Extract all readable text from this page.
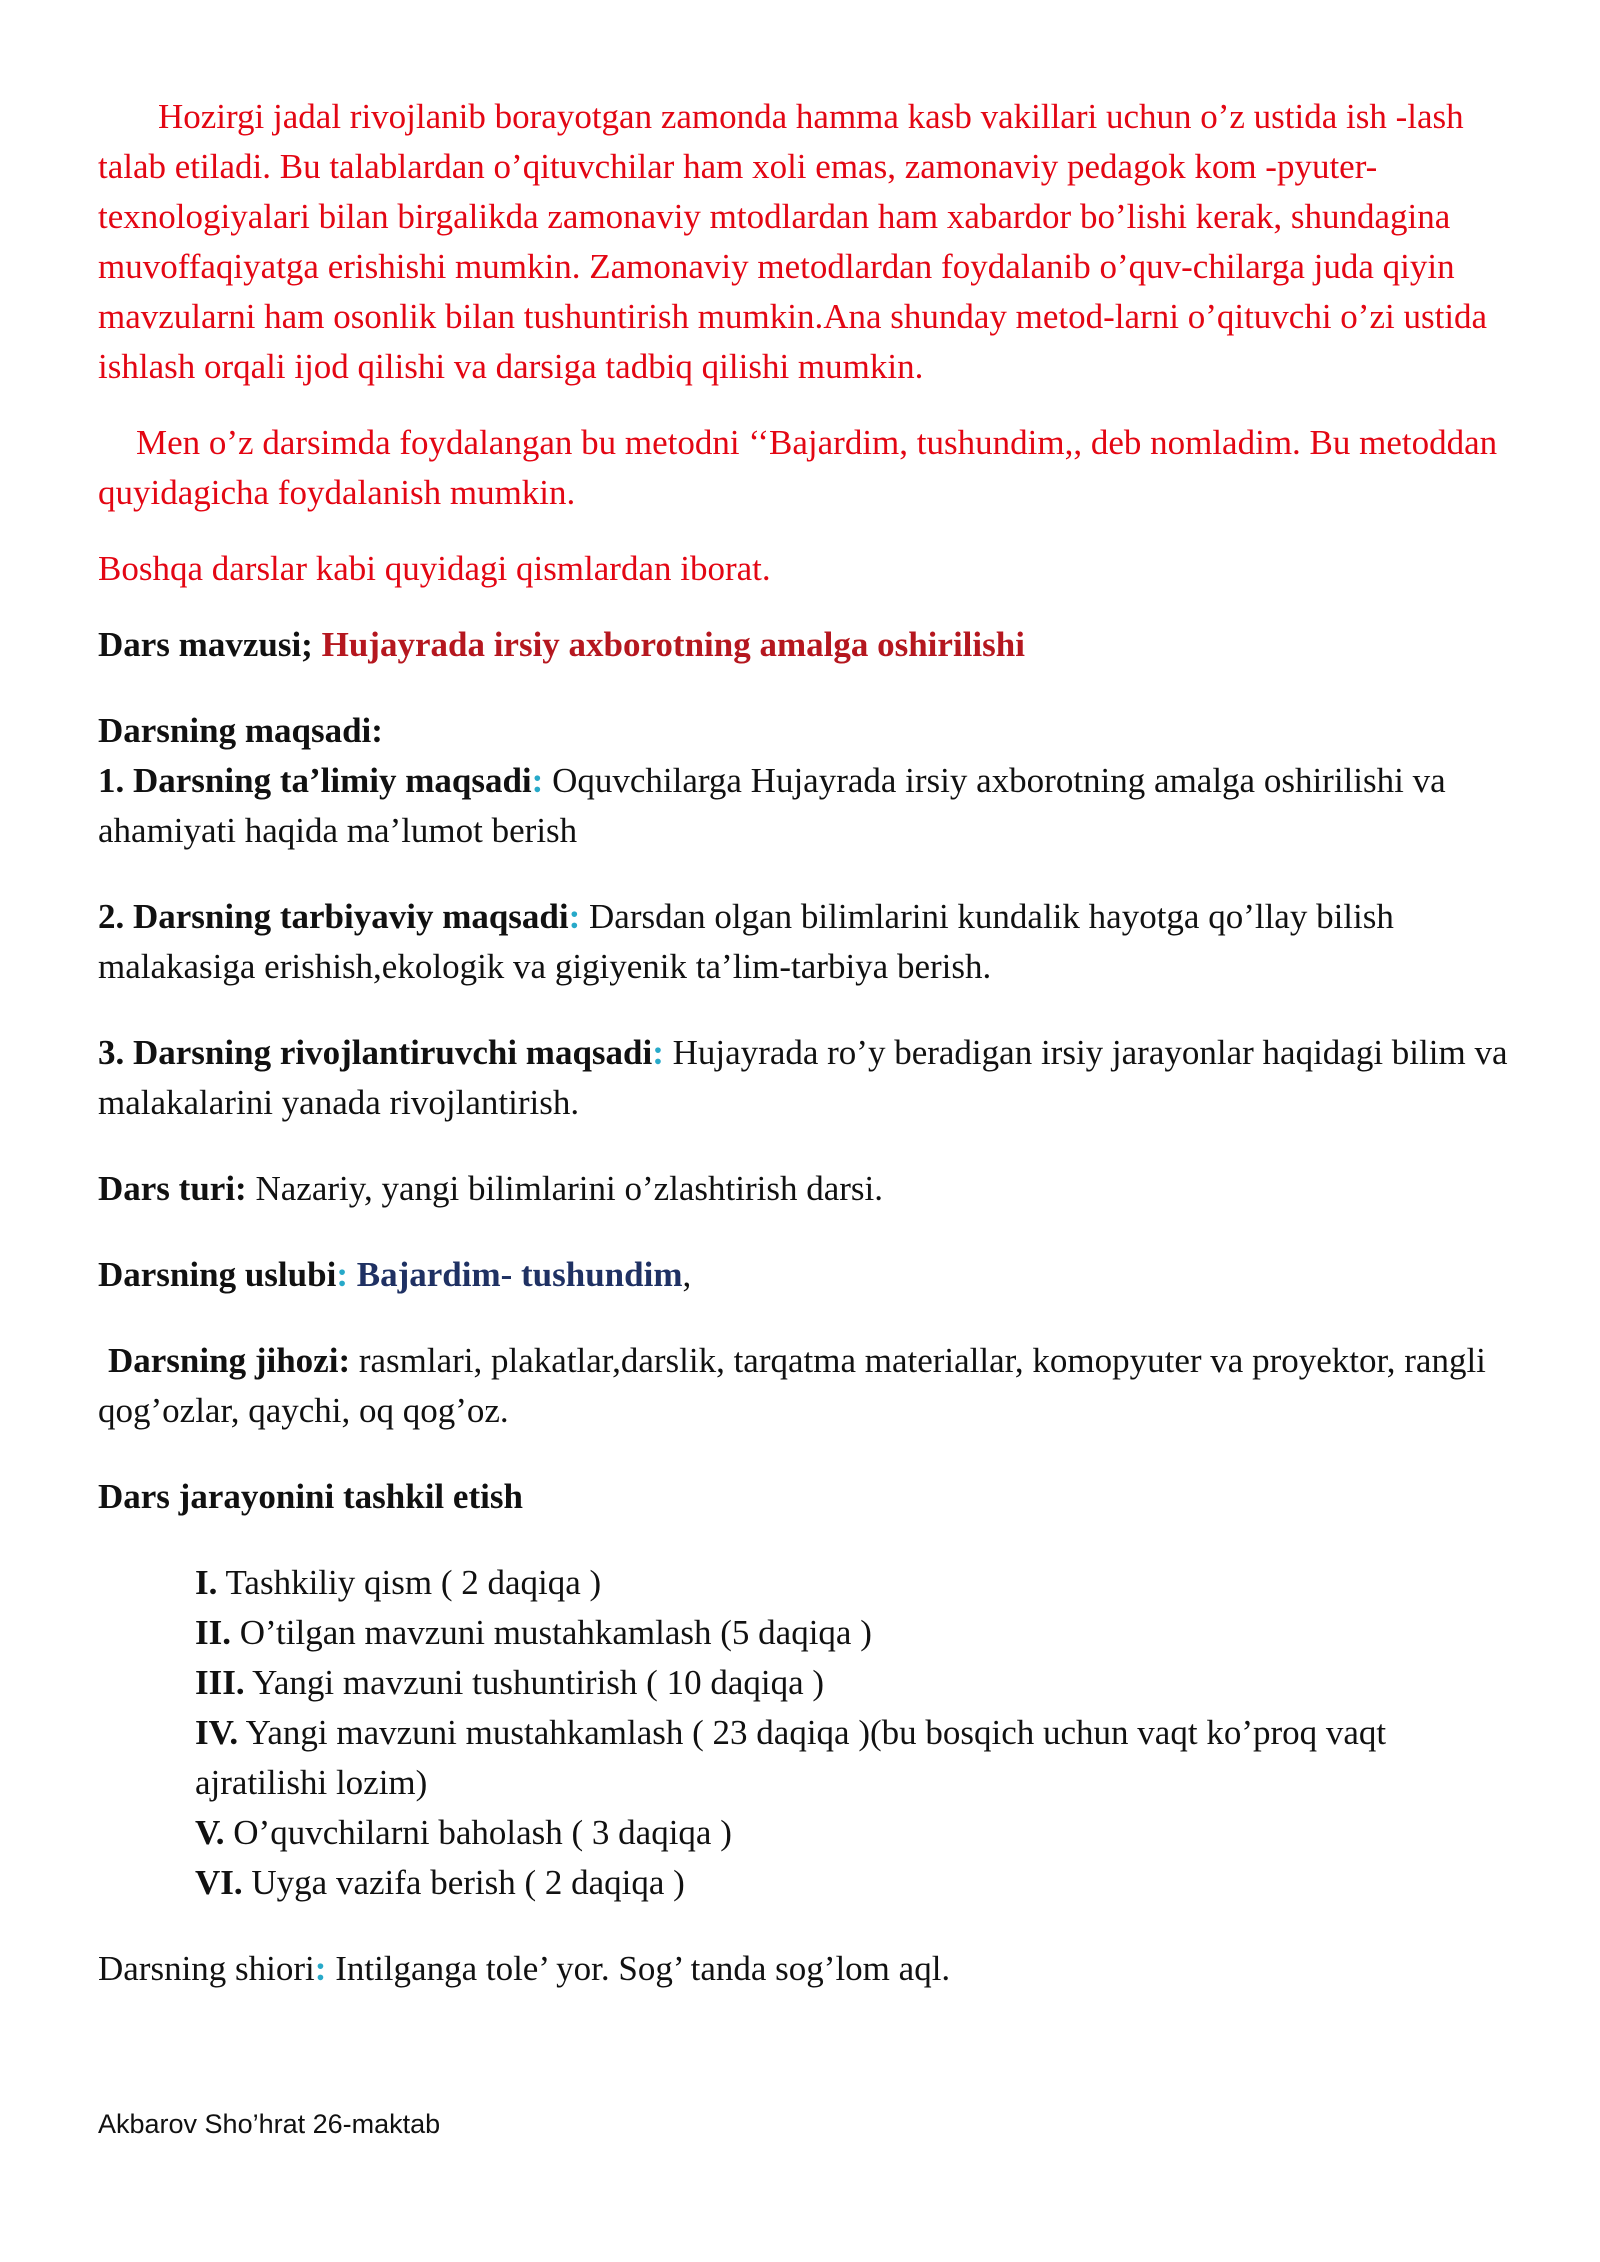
Hozirgi jadal rivojlanib borayotgan zamonda hamma kasb vakillari uchun o’z ustida ish -lash talab etiladi. Bu talablardan o’qituvchilar ham xoli emas, zamonaviy pedagok kom -pyuter- texnologiyalari bilan birgalikda zamonaviy mtodlardan ham xabardor bo’lishi kerak, shundagina muvoffaqiyatga erishishi mumkin. Zamonaviy metodlardan foydalanib o’quv-chilarga juda qiyin mavzularni ham osonlik bilan tushuntirish mumkin.Ana shunday metod-larni o’qituvchi o’zi ustida ishlash orqali ijod qilishi va darsiga tadbiq qilishi mumkin.

Men o’z darsimda foydalangan bu metodni ‘‘Bajardim, tushundim,, deb nomladim. Bu metoddan quyidagicha foydalanish mumkin.

Boshqa darslar kabi quyidagi qismlardan iborat.

Dars mavzusi; Hujayrada irsiy axborotning amalga oshirilishi

Darsning maqsadi:

1. Darsning ta’limiy maqsadi: Oquvchilarga Hujayrada irsiy axborotning amalga oshirilishi va ahamiyati haqida ma’lumot berish

2. Darsning tarbiyaviy maqsadi: Darsdan olgan bilimlarini kundalik hayotga qo’llay bilish malakasiga erishish,ekologik va gigiyenik ta’lim-tarbiya berish.

3. Darsning rivojlantiruvchi maqsadi: Hujayrada ro’y beradigan irsiy jarayonlar haqidagi bilim va malakalarini yanada rivojlantirish.

Dars turi: Nazariy, yangi bilimlarini o’zlashtirish darsi.

Darsning uslubi: Bajardim- tushundim,

Darsning jihozi: rasmlari, plakatlar,darslik, tarqatma materiallar, komopyuter va proyektor, rangli qog’ozlar, qaychi, oq qog’oz.

Dars jarayonini tashkil etish

I. Tashkiliy qism ( 2 daqiqa )
II. O’tilgan mavzuni mustahkamlash (5 daqiqa )
III. Yangi mavzuni tushuntirish ( 10 daqiqa )
IV. Yangi mavzuni mustahkamlash ( 23 daqiqa )(bu bosqich uchun vaqt ko’proq vaqt ajratilishi lozim)
V. O’quvchilarni baholash ( 3 daqiqa )
VI. Uyga vazifa berish ( 2 daqiqa )

Darsning shiori: Intilganga tole’ yor. Sog’ tanda sog’lom aql.

Akbarov Sho’hrat 26-maktab
